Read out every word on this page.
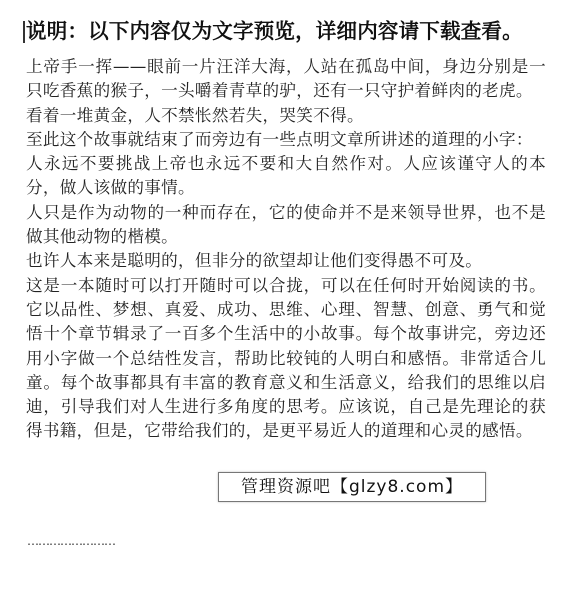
说明：以下内容仅为文字预览，详细内容请下载查看。

上帝手一挥——眼前一片汪洋大海，人站在孤岛中间，身边分别是一只吃香蕉的猴子，一头嚼着青草的驴，还有一只守护着鲜肉的老虎。

看着一堆黄金，人不禁怅然若失，哭笑不得。

至此这个故事就结束了而旁边有一些点明文章所讲述的道理的小字：

人永远不要挑战上帝也永远不要和大自然作对。人应该谨守人的本分，做人该做的事情。

人只是作为动物的一种而存在，它的使命并不是来领导世界，也不是做其他动物的楷模。

也许人本来是聪明的，但非分的欲望却让他们变得愚不可及。

这是一本随时可以打开随时可以合拢，可以在任何时开始阅读的书。它以品性、梦想、真爱、成功、思维、心理、智慧、创意、勇气和觉悟十个章节辑录了一百多个生活中的小故事。每个故事讲完，旁边还用小字做一个总结性发言，帮助比较钝的人明白和感悟。非常适合儿童。每个故事都具有丰富的教育意义和生活意义，给我们的思维以启迪，引导我们对人生进行多角度的思考。应该说，自己是先理论的获得书籍，但是，它带给我们的，是更平易近人的道理和心灵的感悟。

……………………
管理资源吧【glzy8.com】
